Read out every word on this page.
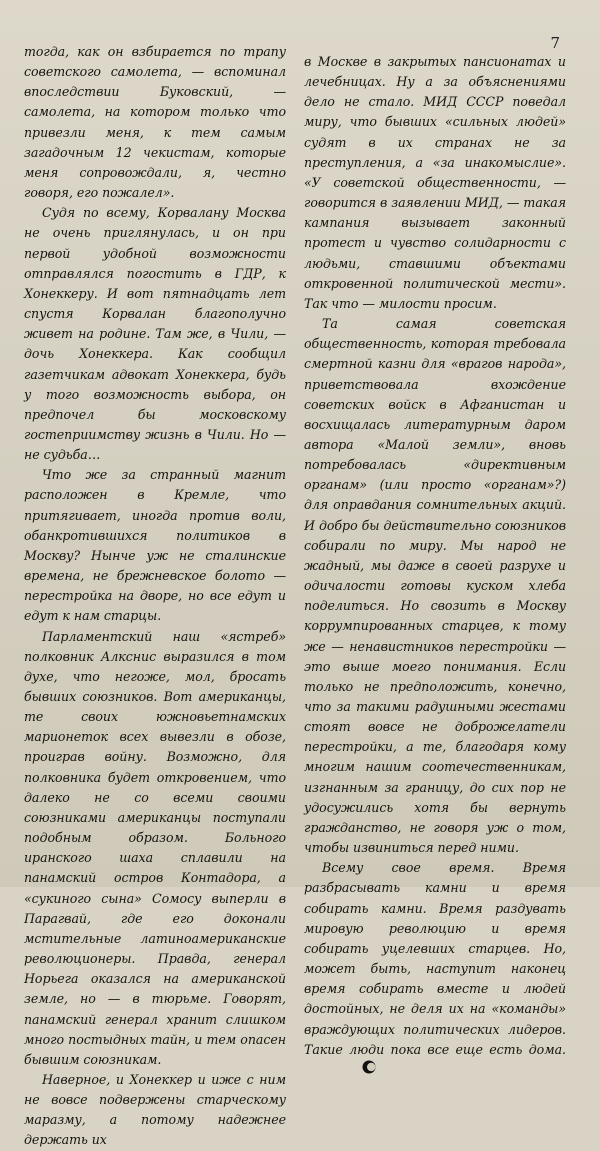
7

тогда, как он взбирается по трапу советского самолета, — вспоминал впоследствии Буковский, — самолета, на котором только что привезли меня, к тем самым загадочным 12 чекистам, которые меня сопровождали, я, честно говоря, его пожалел».

Судя по всему, Корвалану Москва не очень приглянулась, и он при первой удобной возможности отправлялся погостить в ГДР, к Хонеккеру. И вот пятнадцать лет спустя Корвалан благополучно живет на родине. Там же, в Чили, — дочь Хонеккера. Как сообщил газетчикам адвокат Хонеккера, будь у того возможность выбора, он предпочел бы московскому гостеприимству жизнь в Чили. Но — не судьба…

Что же за странный магнит расположен в Кремле, что притягивает, иногда против воли, обанкротившихся политиков в Москву? Нынче уж не сталинские времена, не брежневское болото — перестройка на дворе, но все едут и едут к нам старцы.

Парламентский наш «ястреб» полковник Алкснис выразился в том духе, что негоже, мол, бросать бывших союзников. Вот американцы, те своих южновьетнамских марионеток всех вывезли в обозе, проиграв войну. Возможно, для полковника будет откровением, что далеко не со всеми своими союзниками американцы поступали подобным образом. Больного иранского шаха сплавили на панамский остров Контадора, а «сукиного сына» Сомосу выперли в Парагвай, где его доконали мстительные латиноамериканские революционеры. Правда, генерал Норьега оказался на американской земле, но — в тюрьме. Говорят, панамский генерал хранит слишком много постыдных тайн, и тем опасен бывшим союзникам.

Наверное, и Хонеккер и иже с ним не вовсе подвержены старческому маразму, а потому надежнее держать их

в Москве в закрытых пансионатах и лечебницах. Ну а за объяснениями дело не стало. МИД СССР поведал миру, что бывших «сильных людей» судят в их странах не за преступления, а «за инакомыслие». «У советской общественности, — говорится в заявлении МИД, — такая кампания вызывает законный протест и чувство солидарности с людьми, ставшими объектами откровенной политической мести». Так что — милости просим.

Та самая советская общественность, которая требовала смертной казни для «врагов народа», приветствовала вхождение советских войск в Афганистан и восхищалась литературным даром автора «Малой земли», вновь потребовалась «директивным органам» (или просто «органам»?) для оправдания сомнительных акций. И добро бы действительно союзников собирали по миру. Мы народ не жадный, мы даже в своей разрухе и одичалости готовы куском хлеба поделиться. Но свозить в Москву коррумпированных старцев, к тому же — ненавистников перестройки — это выше моего понимания. Если только не предположить, конечно, что за такими радушными жестами стоят вовсе не доброжелатели перестройки, а те, благодаря кому многим нашим соотечественникам, изгнанным за границу, до сих пор не удосужились хотя бы вернуть гражданство, не говоря уж о том, чтобы извиниться перед ними.

Всему свое время. Время разбрасывать камни и время собирать камни. Время раздувать мировую революцию и время собирать уцелевших старцев. Но, может быть, наступит наконец время собирать вместе и людей достойных, не деля их на «команды» враждующих политических лидеров. Такие люди пока все еще есть дома.
